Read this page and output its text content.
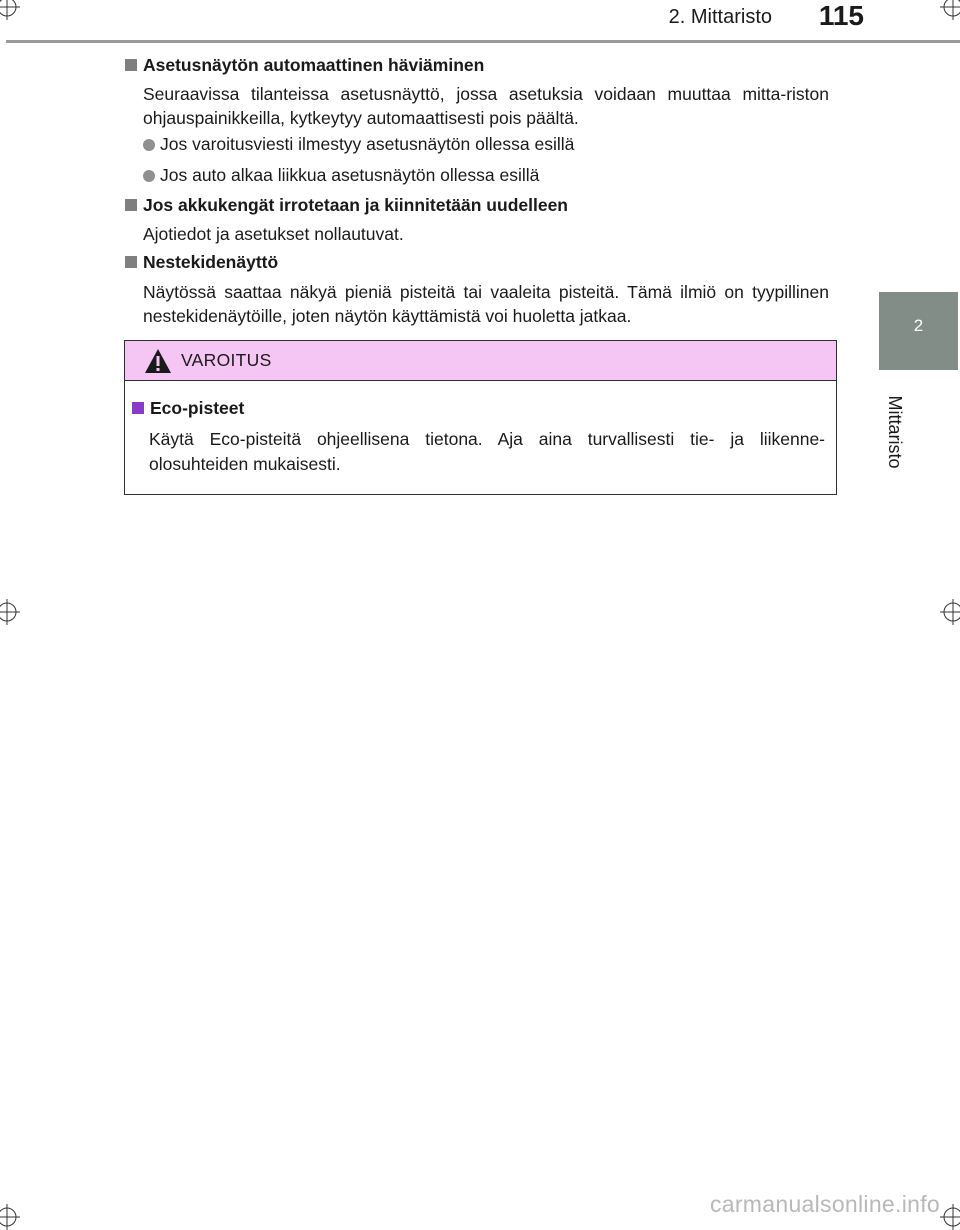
2. Mittaristo 115
2
Mittaristo
Asetusnäytön automaattinen häviäminen
Seuraavissa tilanteissa asetusnäyttö, jossa asetuksia voidaan muuttaa mitta-riston ohjauspainikkeilla, kytkeytyy automaattisesti pois päältä.
Jos varoitusviesti ilmestyy asetusnäytön ollessa esillä
Jos auto alkaa liikkua asetusnäytön ollessa esillä
Jos akkukengät irrotetaan ja kiinnitetään uudelleen
Ajotiedot ja asetukset nollautuvat.
Nestekidenäyttö
Näytössä saattaa näkyä pieniä pisteitä tai vaaleita pisteitä. Tämä ilmiö on tyypillinen nestekidenäytöille, joten näytön käyttämistä voi huoletta jatkaa.
VAROITUS
Eco-pisteet
Käytä Eco-pisteitä ohjeellisena tietona. Aja aina turvallisesti tie- ja liikenne-olosuhteiden mukaisesti.
carmanualsonline.info
